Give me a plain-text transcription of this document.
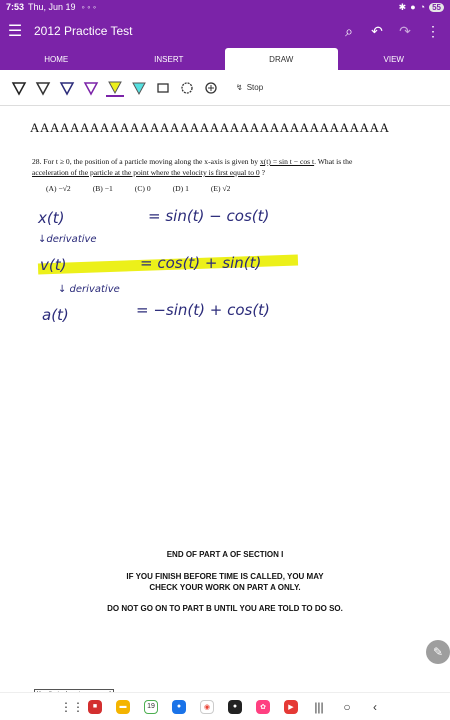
7:53 Thu, Jun 19 ◦ ◦ ◦	✱ ● ◔ 55
☰ 2012 Practice Test	⌕ ↶ ↷ ⋮
HOME	INSERT	DRAW	VIEW
↯ Stop
AAAAAAAAAAAAAAAAAAAAAAAAAAAAAAAAAAAA
28. For t ≥ 0, the position of a particle moving along the x-axis is given by x(t) = sin t − cos t. What is the
acceleration of the particle at the point where the velocity is first equal to 0 ?
(A) −√2	(B) −1	(C) 0	(D) 1	(E) √2
x(t)	= sin(t) − cos(t)
↓derivative
v(t)	= cos(t) + sin(t)
↓ derivative
a(t)	= −sin(t) + cos(t)
END OF PART A OF SECTION I
IF YOU FINISH BEFORE TIME IS CALLED, YOU MAY
CHECK YOUR WORK ON PART A ONLY.
DO NOT GO ON TO PART B UNTIL YOU ARE TOLD TO DO SO.
✎
⋮⋮	■	▬	19	●	◉	●	✿	▶	||| ○	‹
